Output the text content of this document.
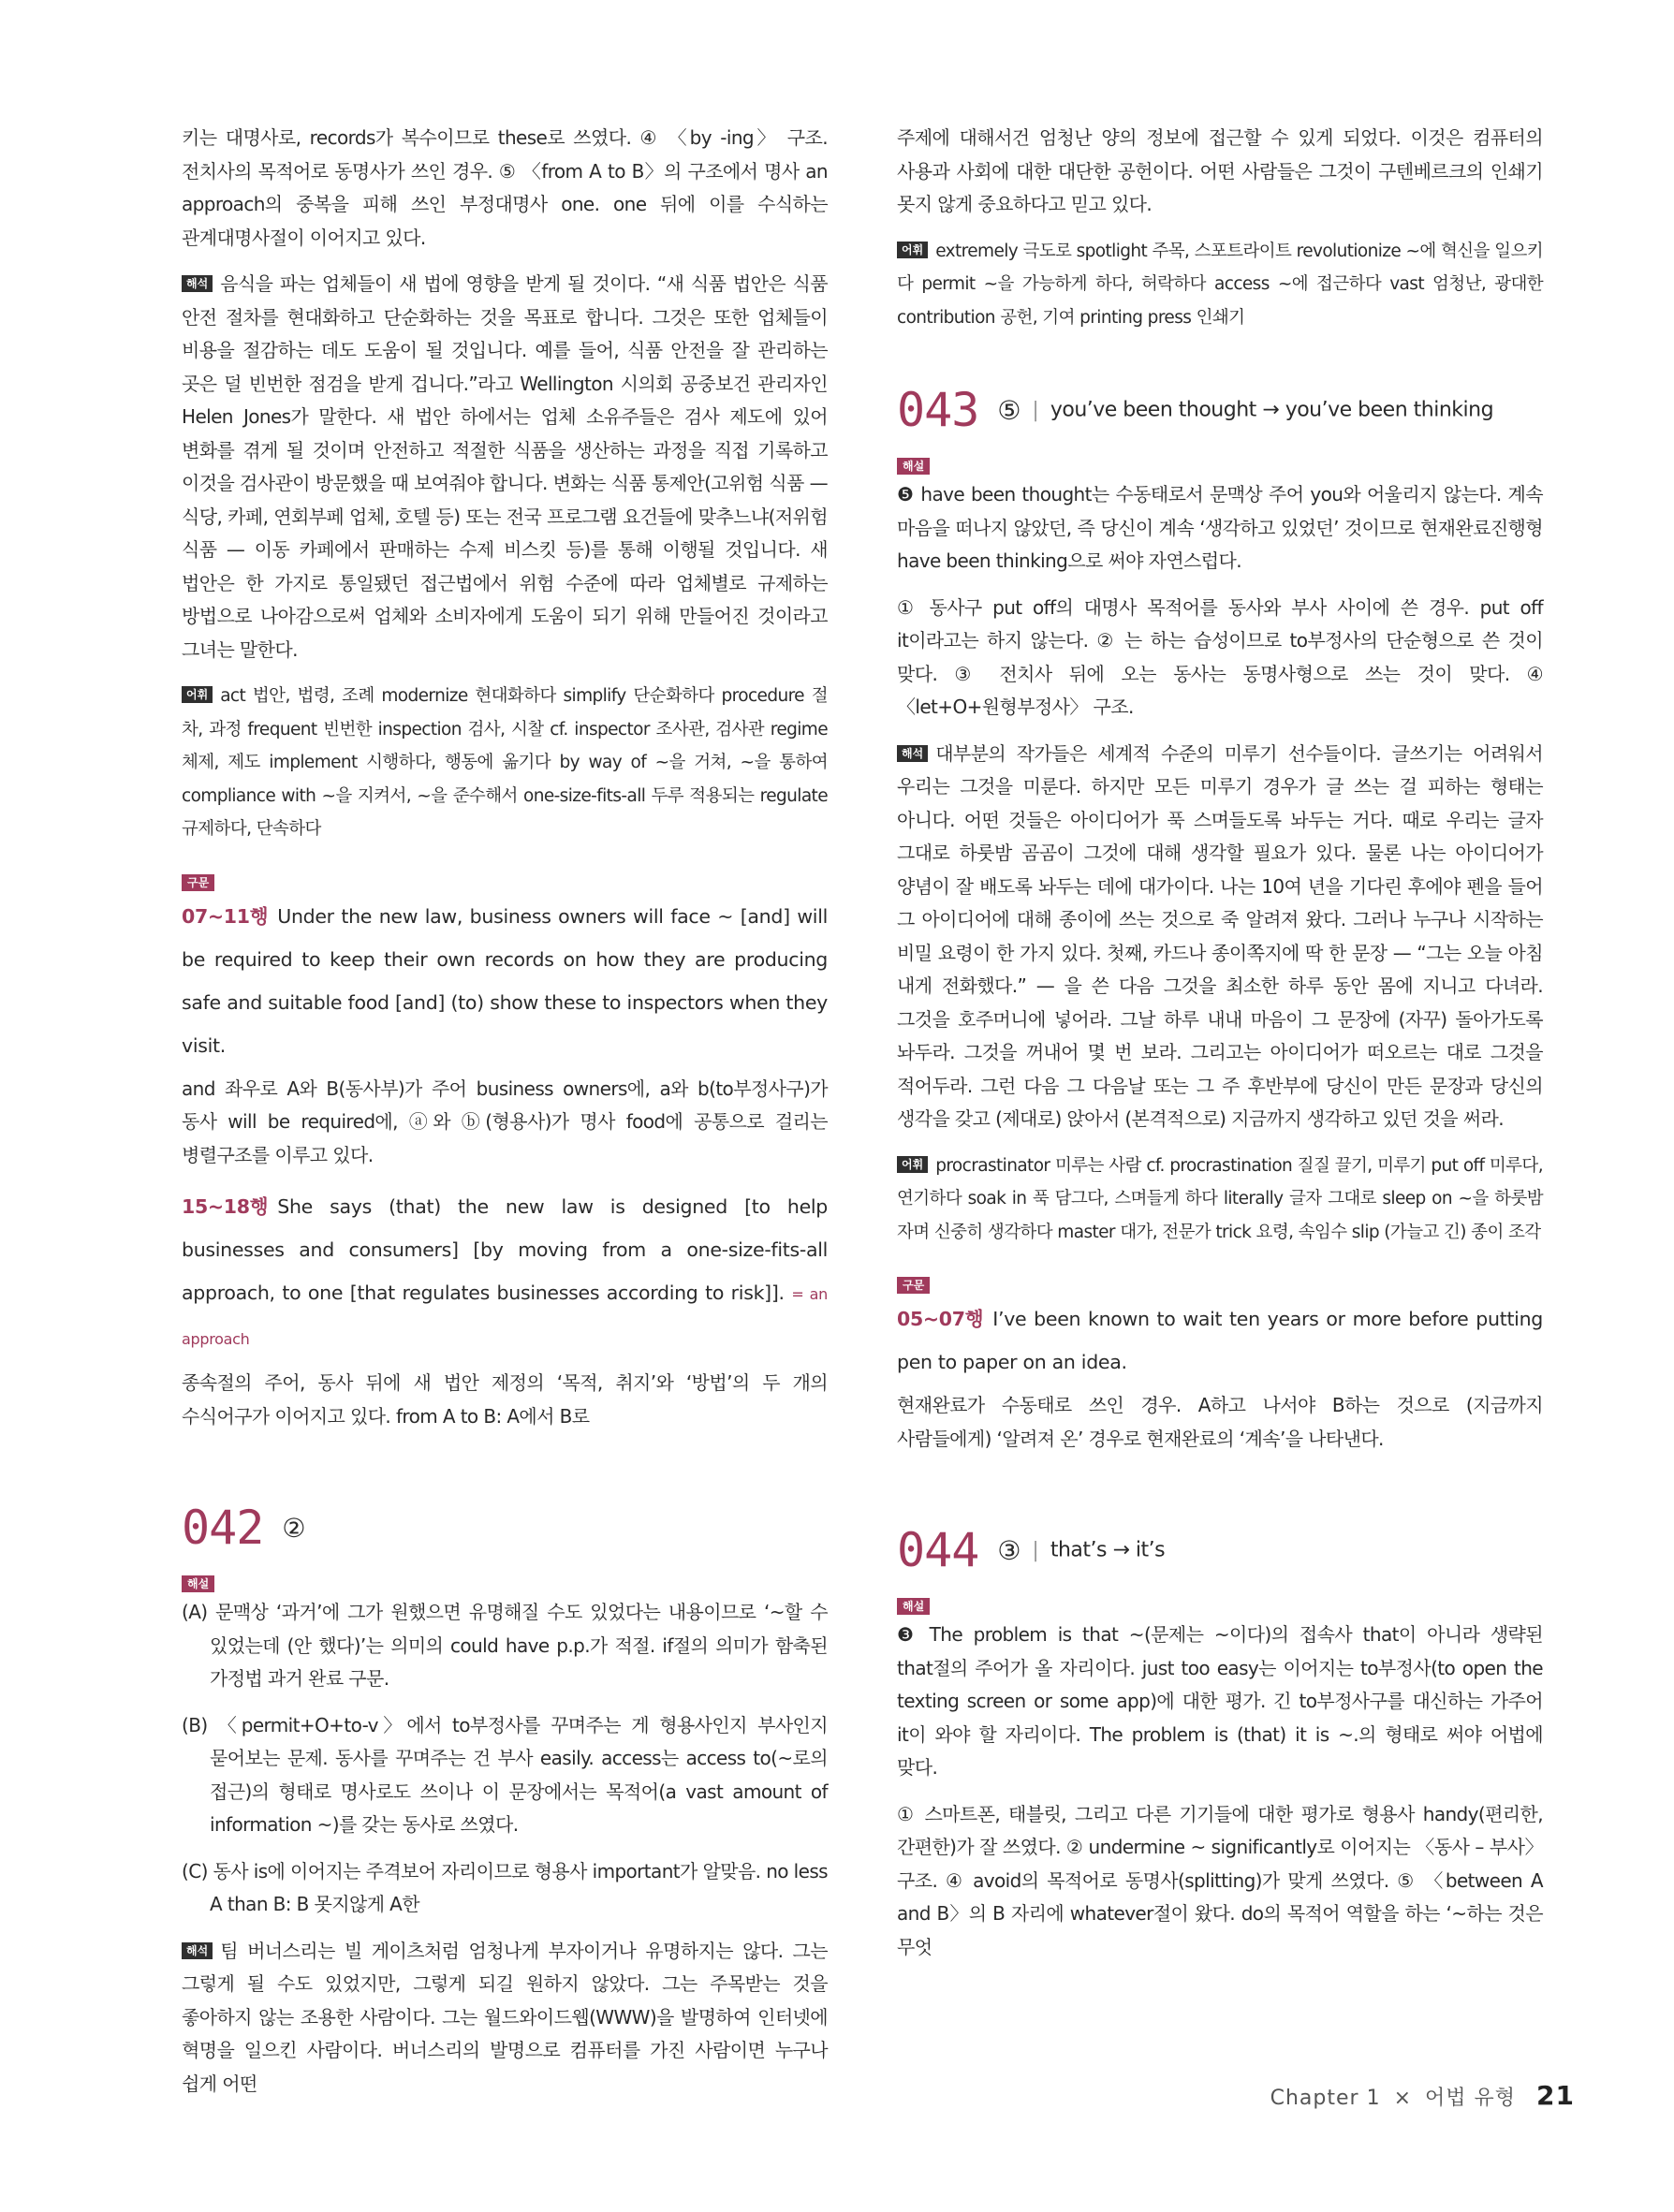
키는 대명사로, records가 복수이므로 these로 쓰였다. ④ 〈by -ing〉 구조. 전치사의 목적어로 동명사가 쓰인 경우. ⑤ 〈from A to B〉의 구조에서 명사 an approach의 중복을 피해 쓰인 부정대명사 one. one 뒤에 이를 수식하는 관계대명사절이 이어지고 있다.

해석 음식을 파는 업체들이 새 법에 영향을 받게 될 것이다. “새 식품 법안은 식품 안전 절차를 현대화하고 단순화하는 것을 목표로 합니다. 그것은 또한 업체들이 비용을 절감하는 데도 도움이 될 것입니다. 예를 들어, 식품 안전을 잘 관리하는 곳은 덜 빈번한 점검을 받게 겁니다.”라고 Wellington 시의회 공중보건 관리자인 Helen Jones가 말한다. 새 법안 하에서는 업체 소유주들은 검사 제도에 있어 변화를 겪게 될 것이며 안전하고 적절한 식품을 생산하는 과정을 직접 기록하고 이것을 검사관이 방문했을 때 보여줘야 합니다. 변화는 식품 통제안(고위험 식품 — 식당, 카페, 연회부페 업체, 호텔 등) 또는 전국 프로그램 요건들에 맞추느냐(저위험 식품 — 이동 카페에서 판매하는 수제 비스킷 등)를 통해 이행될 것입니다. 새 법안은 한 가지로 통일됐던 접근법에서 위험 수준에 따라 업체별로 규제하는 방법으로 나아감으로써 업체와 소비자에게 도움이 되기 위해 만들어진 것이라고 그녀는 말한다.

어휘 act 법안, 법령, 조례 modernize 현대화하다 simplify 단순화하다 procedure 절차, 과정 frequent 빈번한 inspection 검사, 시찰 cf. inspector 조사관, 검사관 regime 체제, 제도 implement 시행하다, 행동에 옮기다 by way of ~을 거쳐, ~을 통하여 compliance with ~을 지켜서, ~을 준수해서 one-size-fits-all 두루 적용되는 regulate 규제하다, 단속하다

구문

07~11행 Under the new law, business owners will face ~ [and] will be required to keep their own records on how they are producing safe and suitable food [and] (to) show these to inspectors when they visit.

and 좌우로 A와 B(동사부)가 주어 business owners에, a와 b(to부정사구)가 동사 will be required에, ⓐ와 ⓑ(형용사)가 명사 food에 공통으로 걸리는 병렬구조를 이루고 있다.

15~18행 She says (that) the new law is designed [to help businesses and consumers] [by moving from a one-size-fits-all approach, to one [that regulates businesses according to risk]]. = an approach

종속절의 주어, 동사 뒤에 새 법안 제정의 ‘목적, 취지’와 ‘방법’의 두 개의 수식어구가 이어지고 있다. from A to B: A에서 B로

042 ②
해설

(A) 문맥상 ‘과거’에 그가 원했으면 유명해질 수도 있었다는 내용이므로 ‘~할 수 있었는데 (안 했다)’는 의미의 could have p.p.가 적절. if절의 의미가 함축된 가정법 과거 완료 구문.

(B) 〈permit+O+to-v〉에서 to부정사를 꾸며주는 게 형용사인지 부사인지 묻어보는 문제. 동사를 꾸며주는 건 부사 easily. access는 access to(~로의 접근)의 형태로 명사로도 쓰이나 이 문장에서는 목적어(a vast amount of information ~)를 갖는 동사로 쓰였다.

(C) 동사 is에 이어지는 주격보어 자리이므로 형용사 important가 알맞음. no less A than B: B 못지않게 A한

해석 팀 버너스리는 빌 게이츠처럼 엄청나게 부자이거나 유명하지는 않다. 그는 그렇게 될 수도 있었지만, 그렇게 되길 원하지 않았다. 그는 주목받는 것을 좋아하지 않는 조용한 사람이다. 그는 월드와이드웹(WWW)을 발명하여 인터넷에 혁명을 일으킨 사람이다. 버너스리의 발명으로 컴퓨터를 가진 사람이면 누구나 쉽게 어떤

주제에 대해서건 엄청난 양의 정보에 접근할 수 있게 되었다. 이것은 컴퓨터의 사용과 사회에 대한 대단한 공헌이다. 어떤 사람들은 그것이 구텐베르크의 인쇄기 못지 않게 중요하다고 믿고 있다.

어휘 extremely 극도로 spotlight 주목, 스포트라이트 revolutionize ~에 혁신을 일으키다 permit ~을 가능하게 하다, 허락하다 access ~에 접근하다 vast 엄청난, 광대한 contribution 공헌, 기여 printing press 인쇄기

043 ⑤ | you’ve been thought → you’ve been thinking
해설

❺ have been thought는 수동태로서 문맥상 주어 you와 어울리지 않는다. 계속 마음을 떠나지 않았던, 즉 당신이 계속 ‘생각하고 있었던’ 것이므로 현재완료진행형 have been thinking으로 써야 자연스럽다.

① 동사구 put off의 대명사 목적어를 동사와 부사 사이에 쓴 경우. put off it이라고는 하지 않는다. ② 는 하는 습성이므로 to부정사의 단순형으로 쓴 것이 맞다. ③ 전치사 뒤에 오는 동사는 동명사형으로 쓰는 것이 맞다. ④ 〈let+O+원형부정사〉 구조.

해석 대부분의 작가들은 세계적 수준의 미루기 선수들이다. 글쓰기는 어려워서 우리는 그것을 미룬다. 하지만 모든 미루기 경우가 글 쓰는 걸 피하는 형태는 아니다. 어떤 것들은 아이디어가 푹 스며들도록 놔두는 거다. 때로 우리는 글자 그대로 하룻밤 곰곰이 그것에 대해 생각할 필요가 있다. 물론 나는 아이디어가 양념이 잘 배도록 놔두는 데에 대가이다. 나는 10여 년을 기다린 후에야 펜을 들어 그 아이디어에 대해 종이에 쓰는 것으로 죽 알려져 왔다. 그러나 누구나 시작하는 비밀 요령이 한 가지 있다. 첫째, 카드나 종이쪽지에 딱 한 문장 — “그는 오늘 아침 내게 전화했다.” — 을 쓴 다음 그것을 최소한 하루 동안 몸에 지니고 다녀라. 그것을 호주머니에 넣어라. 그날 하루 내내 마음이 그 문장에 (자꾸) 돌아가도록 놔두라. 그것을 꺼내어 몇 번 보라. 그리고는 아이디어가 떠오르는 대로 그것을 적어두라. 그런 다음 그 다음날 또는 그 주 후반부에 당신이 만든 문장과 당신의 생각을 갖고 (제대로) 앉아서 (본격적으로) 지금까지 생각하고 있던 것을 써라.

어휘 procrastinator 미루는 사람 cf. procrastination 질질 끌기, 미루기 put off 미루다, 연기하다 soak in 푹 담그다, 스며들게 하다 literally 글자 그대로 sleep on ~을 하룻밤 자며 신중히 생각하다 master 대가, 전문가 trick 요령, 속임수 slip (가늘고 긴) 종이 조각

구문

05~07행 I’ve been known to wait ten years or more before putting pen to paper on an idea.

현재완료가 수동태로 쓰인 경우. A하고 나서야 B하는 것으로 (지금까지 사람들에게) ‘알려져 온’ 경우로 현재완료의 ‘계속’을 나타낸다.

044 ③ | that’s → it’s
해설

❸ The problem is that ~(문제는 ~이다)의 접속사 that이 아니라 생략된 that절의 주어가 올 자리이다. just too easy는 이어지는 to부정사(to open the texting screen or some app)에 대한 평가. 긴 to부정사구를 대신하는 가주어 it이 와야 할 자리이다. The problem is (that) it is ~.의 형태로 써야 어법에 맞다.

① 스마트폰, 태블릿, 그리고 다른 기기들에 대한 평가로 형용사 handy(편리한, 간편한)가 잘 쓰였다. ② undermine ~ significantly로 이어지는 〈동사 – 부사〉 구조. ④ avoid의 목적어로 동명사(splitting)가 맞게 쓰였다. ⑤ 〈between A and B〉의 B 자리에 whatever절이 왔다. do의 목적어 역할을 하는 ‘~하는 것은 무엇

Chapter 1 × 어법 유형 21
